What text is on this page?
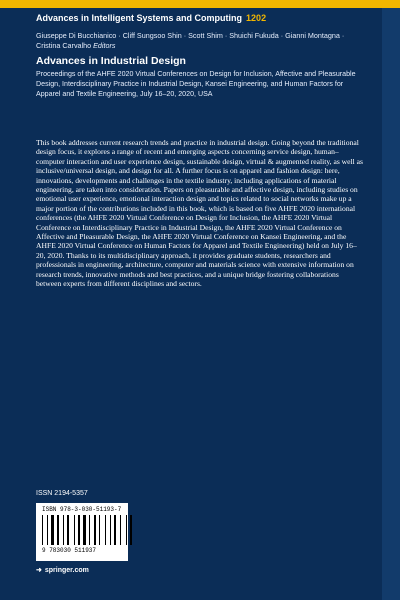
Advances in Intelligent Systems and Computing 1202
Giuseppe Di Bucchianico · Cliff Sungsoo Shin · Scott Shim · Shuichi Fukuda · Gianni Montagna · Cristina Carvalho Editors
Advances in Industrial Design
Proceedings of the AHFE 2020 Virtual Conferences on Design for Inclusion, Affective and Pleasurable Design, Interdisciplinary Practice in Industrial Design, Kansei Engineering, and Human Factors for Apparel and Textile Engineering, July 16–20, 2020, USA
This book addresses current research trends and practice in industrial design. Going beyond the traditional design focus, it explores a range of recent and emerging aspects concerning service design, human–computer interaction and user experience design, sustainable design, virtual & augmented reality, as well as inclusive/universal design, and design for all. A further focus is on apparel and fashion design: here, innovations, developments and challenges in the textile industry, including applications of material engineering, are taken into consideration. Papers on pleasurable and affective design, including studies on emotional user experience, emotional interaction design and topics related to social networks make up a major portion of the contributions included in this book, which is based on five AHFE 2020 international conferences (the AHFE 2020 Virtual Conference on Design for Inclusion, the AHFE 2020 Virtual Conference on Interdisciplinary Practice in Industrial Design, the AHFE 2020 Virtual Conference on Affective and Pleasurable Design, the AHFE 2020 Virtual Conference on Kansei Engineering, and the AHFE 2020 Virtual Conference on Human Factors for Apparel and Textile Engineering) held on July 16–20, 2020. Thanks to its multidisciplinary approach, it provides graduate students, researchers and professionals in engineering, architecture, computer and materials science with extensive information on research trends, innovative methods and best practices, and a unique bridge fostering collaborations between experts from different disciplines and sectors.
ISSN 2194-5357
ISBN 978-3-030-51193-7
9 783030 511937
➜ springer.com
